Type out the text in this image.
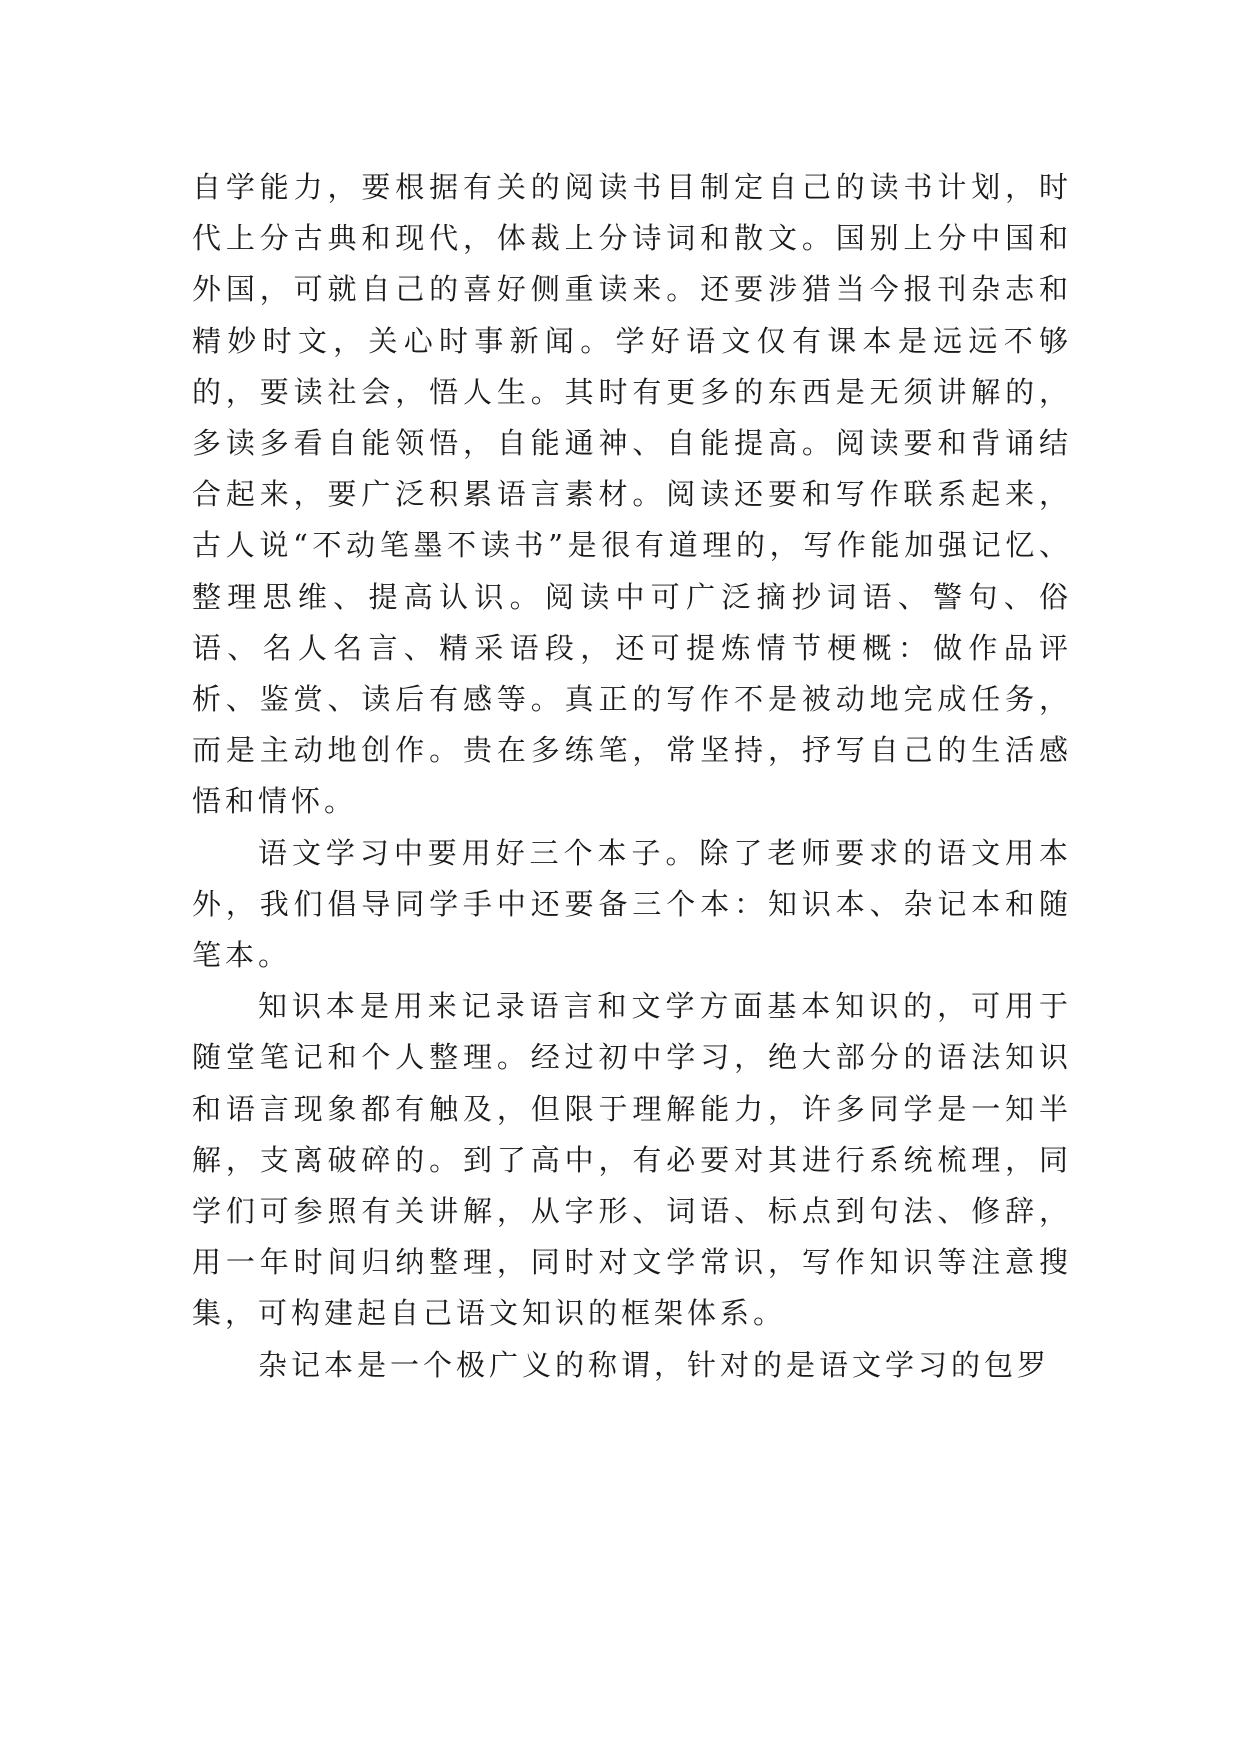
自学能力，要根据有关的阅读书目制定自己的读书计划，时代上分古典和现代，体裁上分诗词和散文。国别上分中国和外国，可就自己的喜好侧重读来。还要涉猎当今报刊杂志和精妙时文，关心时事新闻。学好语文仅有课本是远远不够的，要读社会，悟人生。其时有更多的东西是无须讲解的，多读多看自能领悟，自能通神、自能提高。阅读要和背诵结合起来，要广泛积累语言素材。阅读还要和写作联系起来，古人说“不动笔墨不读书”是很有道理的，写作能加强记忆、整理思维、提高认识。阅读中可广泛摘抄词语、警句、俗语、名人名言、精采语段，还可提炼情节梗概：做作品评析、鉴赏、读后有感等。真正的写作不是被动地完成任务，而是主动地创作。贵在多练笔，常坚持，抒写自己的生活感悟和情怀。

语文学习中要用好三个本子。除了老师要求的语文用本外，我们倡导同学手中还要备三个本：知识本、杂记本和随笔本。

知识本是用来记录语言和文学方面基本知识的，可用于随堂笔记和个人整理。经过初中学习，绝大部分的语法知识和语言现象都有触及，但限于理解能力，许多同学是一知半解，支离破碎的。到了高中，有必要对其进行系统梳理，同学们可参照有关讲解，从字形、词语、标点到句法、修辞，用一年时间归纳整理，同时对文学常识，写作知识等注意搜集，可构建起自己语文知识的框架体系。

杂记本是一个极广义的称谓，针对的是语文学习的包罗
